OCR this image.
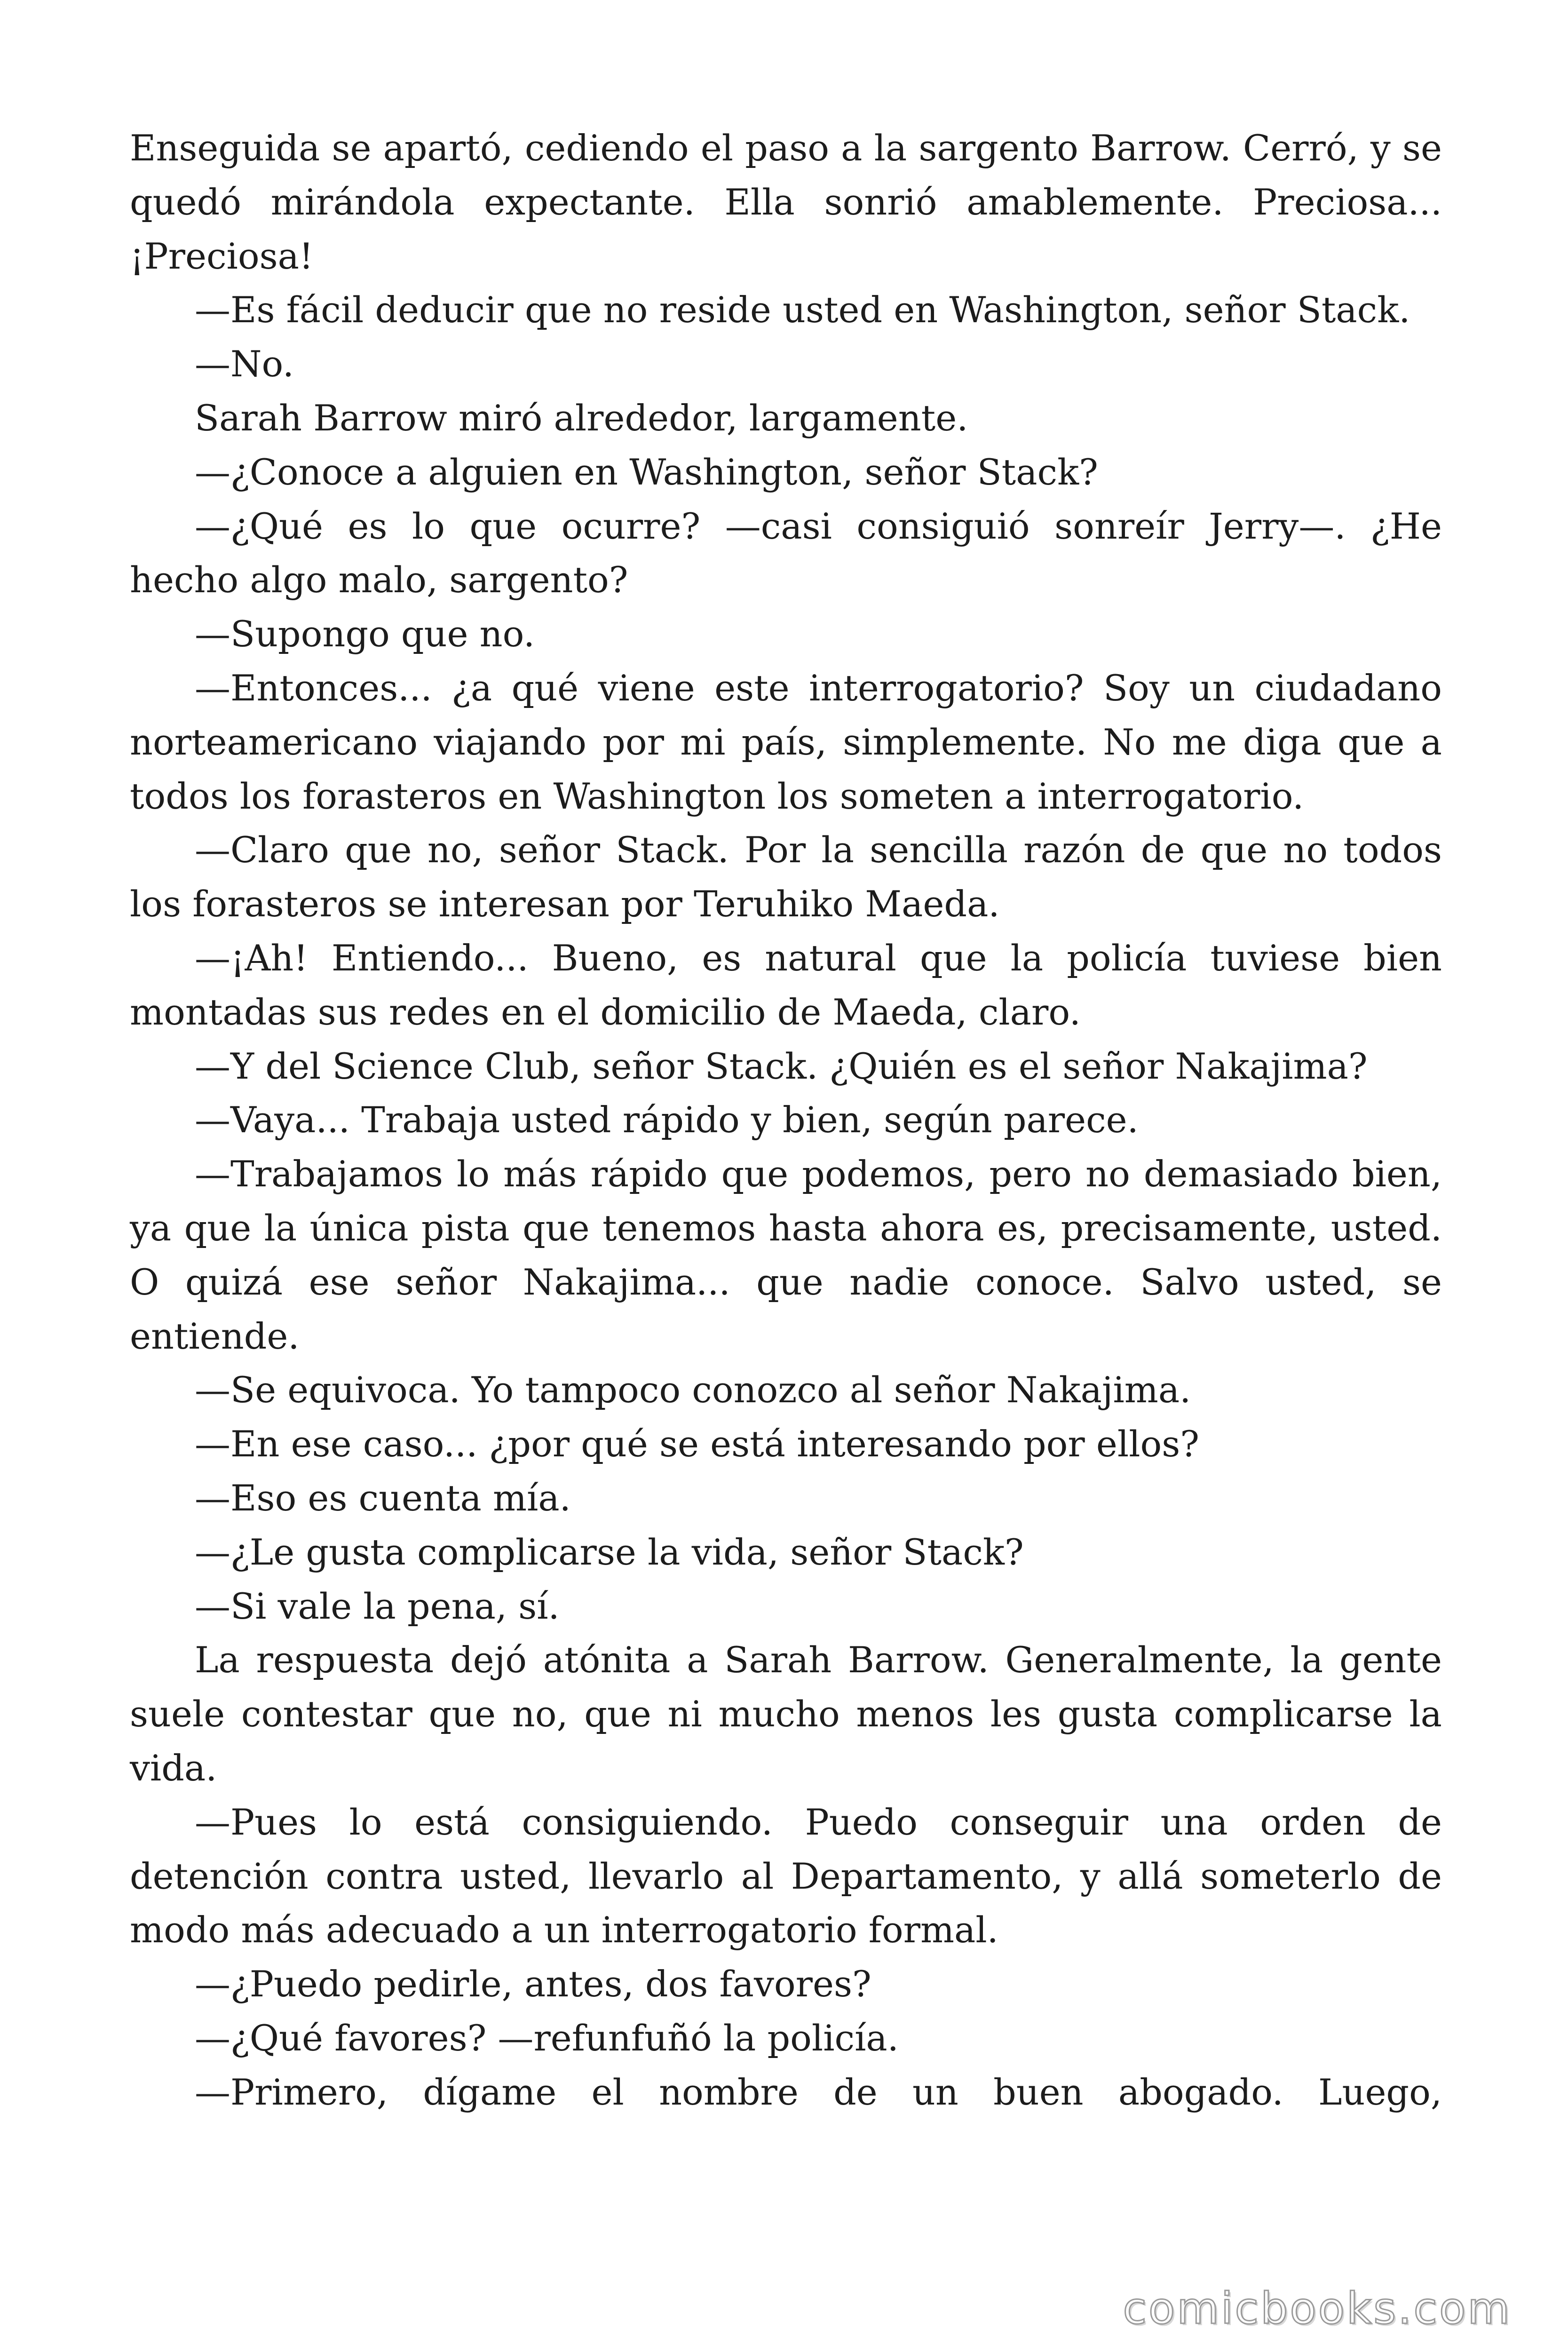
Enseguida se apartó, cediendo el paso a la sargento Barrow. Cerró, y se quedó mirándola expectante. Ella sonrió amablemente. Preciosa... ¡Preciosa!

—Es fácil deducir que no reside usted en Washington, señor Stack.

—No.

Sarah Barrow miró alrededor, largamente.

—¿Conoce a alguien en Washington, señor Stack?

—¿Qué es lo que ocurre? —casi consiguió sonreír Jerry—. ¿He hecho algo malo, sargento?

—Supongo que no.

—Entonces... ¿a qué viene este interrogatorio? Soy un ciudadano norteamericano viajando por mi país, simplemente. No me diga que a todos los forasteros en Washington los someten a interrogatorio.

—Claro que no, señor Stack. Por la sencilla razón de que no todos los forasteros se interesan por Teruhiko Maeda.

—¡Ah! Entiendo... Bueno, es natural que la policía tuviese bien montadas sus redes en el domicilio de Maeda, claro.

—Y del Science Club, señor Stack. ¿Quién es el señor Nakajima?

—Vaya... Trabaja usted rápido y bien, según parece.

—Trabajamos lo más rápido que podemos, pero no demasiado bien, ya que la única pista que tenemos hasta ahora es, precisamente, usted. O quizá ese señor Nakajima... que nadie conoce. Salvo usted, se entiende.

—Se equivoca. Yo tampoco conozco al señor Nakajima.

—En ese caso... ¿por qué se está interesando por ellos?

—Eso es cuenta mía.

—¿Le gusta complicarse la vida, señor Stack?

—Si vale la pena, sí.

La respuesta dejó atónita a Sarah Barrow. Generalmente, la gente suele contestar que no, que ni mucho menos les gusta complicarse la vida.

—Pues lo está consiguiendo. Puedo conseguir una orden de detención contra usted, llevarlo al Departamento, y allá someterlo de modo más adecuado a un interrogatorio formal.

—¿Puedo pedirle, antes, dos favores?

—¿Qué favores? —refunfuñó la policía.

—Primero, dígame el nombre de un buen abogado. Luego,

comicbooks.com
